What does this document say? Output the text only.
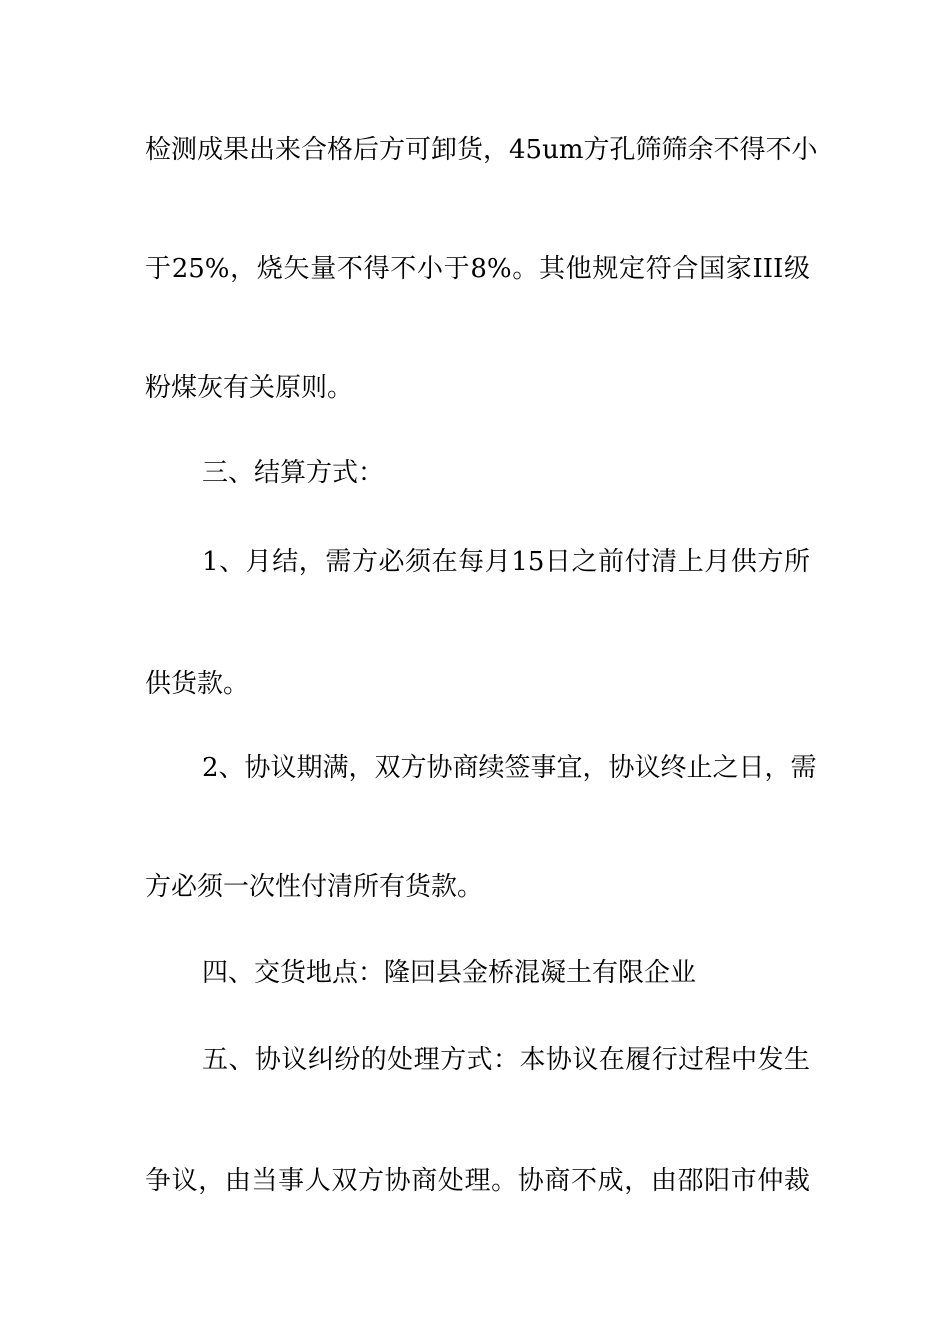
检测成果出来合格后方可卸货，45um方孔筛筛余不得不小
于25%，烧矢量不得不小于8%。其他规定符合国家III级
粉煤灰有关原则。
三、结算方式：
1、月结，需方必须在每月15日之前付清上月供方所
供货款。
2、协议期满，双方协商续签事宜，协议终止之日，需
方必须一次性付清所有货款。
四、交货地点：隆回县金桥混凝土有限企业
五、协议纠纷的处理方式：本协议在履行过程中发生
争议，由当事人双方协商处理。协商不成，由邵阳市仲裁
